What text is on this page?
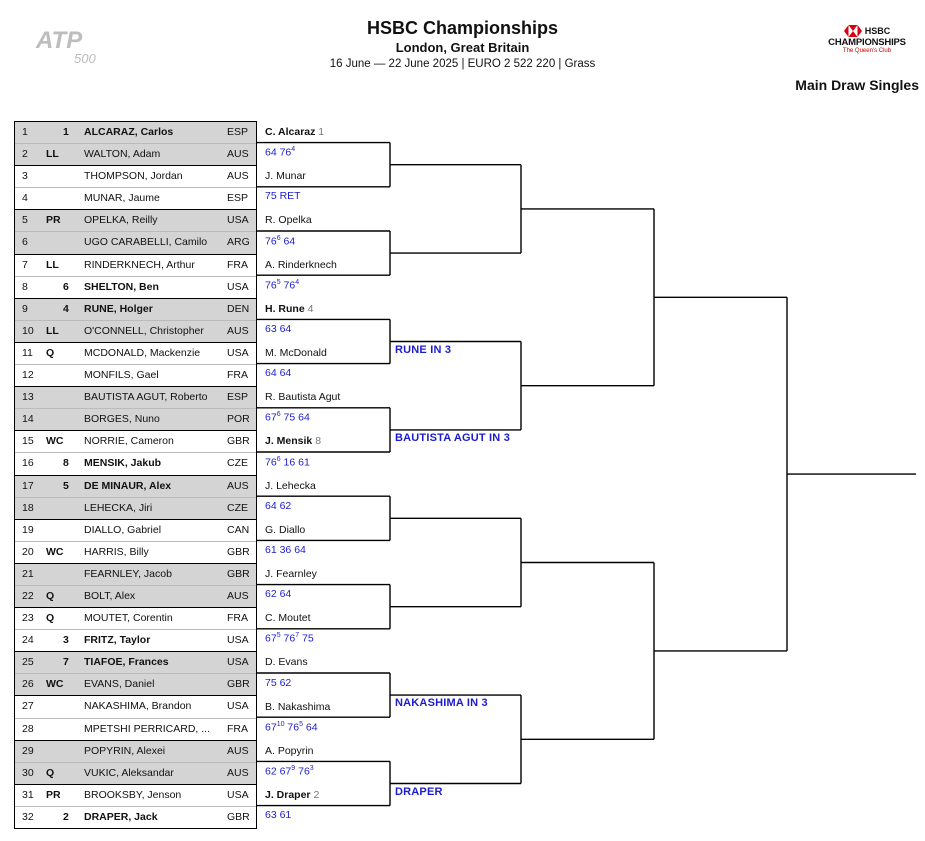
ATP
500
HSBC Championships
London, Great Britain
16 June — 22 June 2025 | EURO 2 522 220 | Grass
HSBC
CHAMPIONSHIPS
The Queen's Club
Main Draw Singles
1	1 ALCARAZ, Carlos	ESP
2 LL WALTON, Adam	AUS
3	THOMPSON, Jordan	AUS
4	MUNAR, Jaume	ESP
5 PR OPELKA, Reilly	USA
6	UGO CARABELLI, Camilo ARG
7 LL RINDERKNECH, Arthur	FRA
8	6 SHELTON, Ben	USA
9	4 RUNE, Holger	DEN
10 LL O'CONNELL, Christopher AUS
11 Q	MCDONALD, Mackenzie	USA
12	MONFILS, Gael	FRA
13	BAUTISTA AGUT, Roberto ESP
14	BORGES, Nuno	POR
15 WC NORRIE, Cameron	GBR
16	8 MENSIK, Jakub	CZE
17	5 DE MINAUR, Alex	AUS
18	LEHECKA, Jiri	CZE
19	DIALLO, Gabriel	CAN
20 WC HARRIS, Billy	GBR
21	FEARNLEY, Jacob	GBR
22 Q	BOLT, Alex	AUS
23 Q	MOUTET, Corentin	FRA
24	3 FRITZ, Taylor	USA
25	7 TIAFOE, Frances	USA
26 WC EVANS, Daniel	GBR
27	NAKASHIMA, Brandon	USA
28	MPETSHI PERRICARD, ... FRA
29	POPYRIN, Alexei	AUS
30 Q	VUKIC, Aleksandar	AUS
31 PR BROOKSBY, Jenson	USA
32	2 DRAPER, Jack	GBR
C. Alcaraz 1
64 $76^4$
J. Munar
75 RET
R. Opelka
$76^6$ 64
A. Rinderknech
$76^5$ $76^4$
H. Rune 4
63 64
M. McDonald
64 64
R. Bautista Agut
$67^6$ 75 64
J. Mensik 8
$76^6$ 16 61
J. Lehecka
64 62
G. Diallo
61 36 64
J. Fearnley
62 64
C. Moutet
$67^5$ $76^7$ 75
D. Evans
75 62
B. Nakashima
$67^{10}$ $76^5$ 64
A. Popyrin
62 $67^9$ $76^3$
J. Draper 2
63 61
RUNE IN 3
BAUTISTA AGUT IN 3
NAKASHIMA IN 3
DRAPER
